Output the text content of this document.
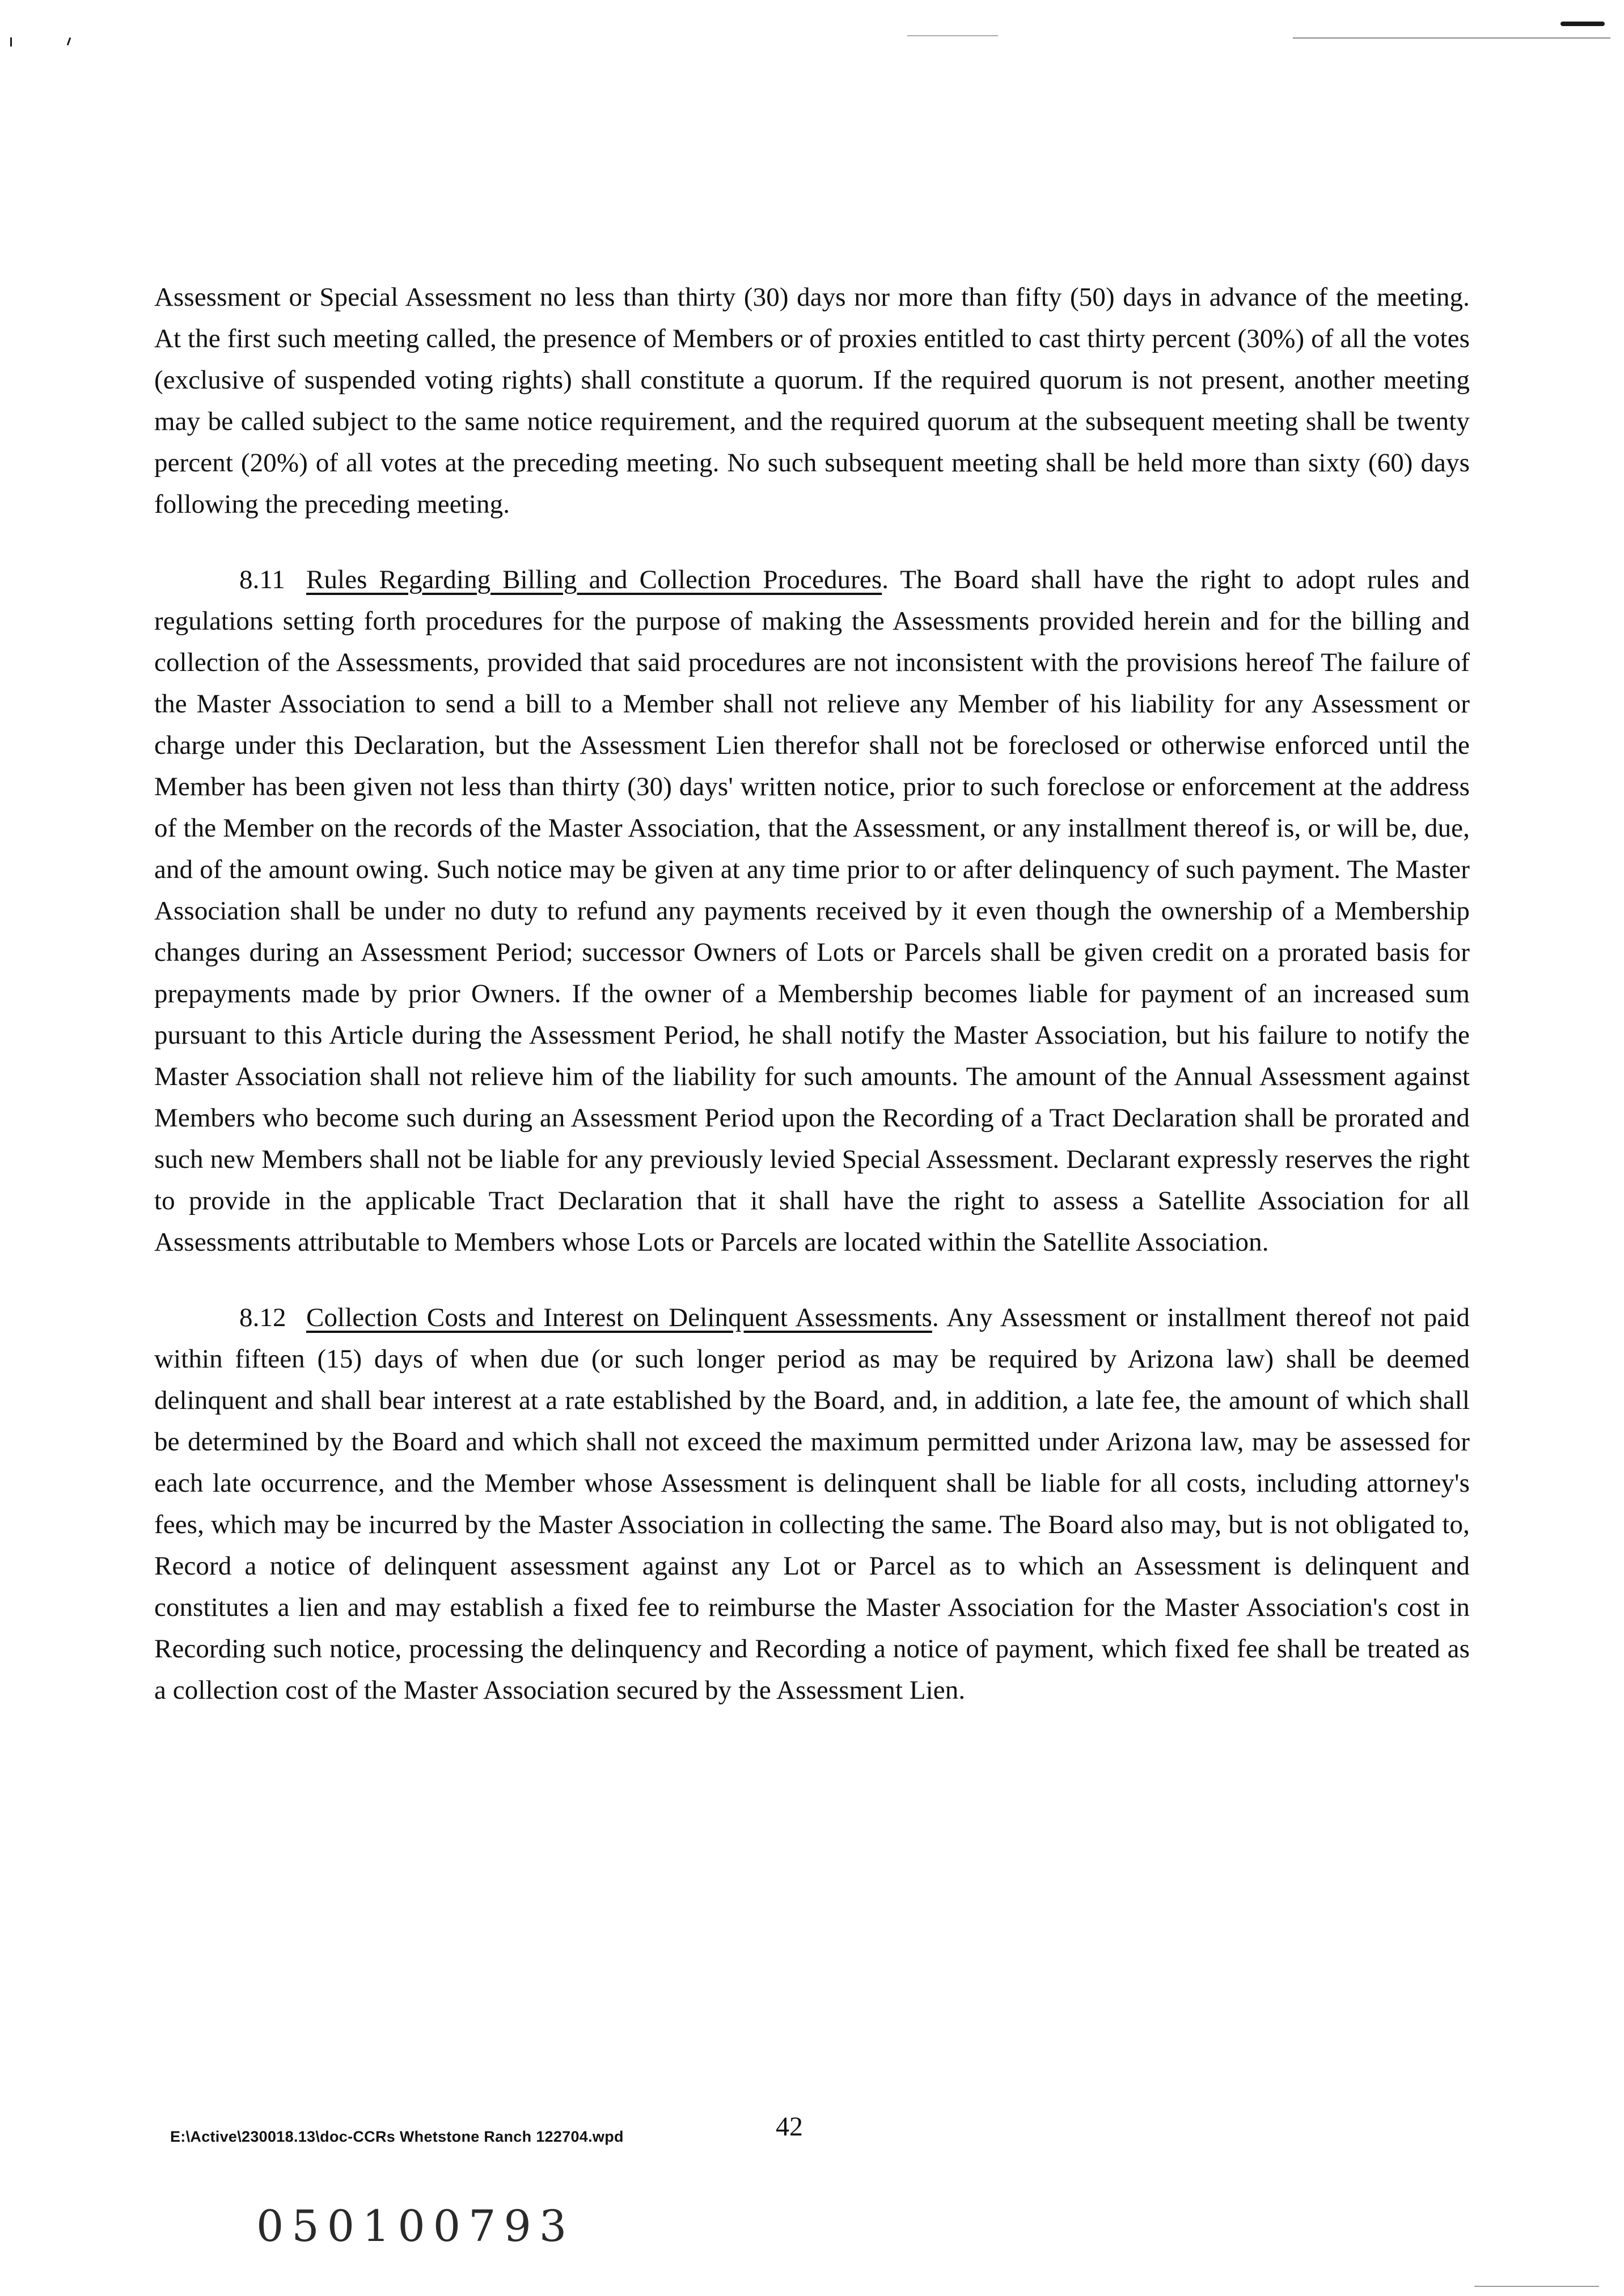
Assessment or Special Assessment no less than thirty (30) days nor more than fifty (50) days in advance of the meeting. At the first such meeting called, the presence of Members or of proxies entitled to cast thirty percent (30%) of all the votes (exclusive of suspended voting rights) shall constitute a quorum. If the required quorum is not present, another meeting may be called subject to the same notice requirement, and the required quorum at the subsequent meeting shall be twenty percent (20%) of all votes at the preceding meeting. No such subsequent meeting shall be held more than sixty (60) days following the preceding meeting.

8.11 Rules Regarding Billing and Collection Procedures. The Board shall have the right to adopt rules and regulations setting forth procedures for the purpose of making the Assessments provided herein and for the billing and collection of the Assessments, provided that said procedures are not inconsistent with the provisions hereof The failure of the Master Association to send a bill to a Member shall not relieve any Member of his liability for any Assessment or charge under this Declaration, but the Assessment Lien therefor shall not be foreclosed or otherwise enforced until the Member has been given not less than thirty (30) days' written notice, prior to such foreclose or enforcement at the address of the Member on the records of the Master Association, that the Assessment, or any installment thereof is, or will be, due, and of the amount owing. Such notice may be given at any time prior to or after delinquency of such payment. The Master Association shall be under no duty to refund any payments received by it even though the ownership of a Membership changes during an Assessment Period; successor Owners of Lots or Parcels shall be given credit on a prorated basis for prepayments made by prior Owners. If the owner of a Membership becomes liable for payment of an increased sum pursuant to this Article during the Assessment Period, he shall notify the Master Association, but his failure to notify the Master Association shall not relieve him of the liability for such amounts. The amount of the Annual Assessment against Members who become such during an Assessment Period upon the Recording of a Tract Declaration shall be prorated and such new Members shall not be liable for any previously levied Special Assessment. Declarant expressly reserves the right to provide in the applicable Tract Declaration that it shall have the right to assess a Satellite Association for all Assessments attributable to Members whose Lots or Parcels are located within the Satellite Association.

8.12 Collection Costs and Interest on Delinquent Assessments. Any Assessment or installment thereof not paid within fifteen (15) days of when due (or such longer period as may be required by Arizona law) shall be deemed delinquent and shall bear interest at a rate established by the Board, and, in addition, a late fee, the amount of which shall be determined by the Board and which shall not exceed the maximum permitted under Arizona law, may be assessed for each late occurrence, and the Member whose Assessment is delinquent shall be liable for all costs, including attorney's fees, which may be incurred by the Master Association in collecting the same. The Board also may, but is not obligated to, Record a notice of delinquent assessment against any Lot or Parcel as to which an Assessment is delinquent and constitutes a lien and may establish a fixed fee to reimburse the Master Association for the Master Association's cost in Recording such notice, processing the delinquency and Recording a notice of payment, which fixed fee shall be treated as a collection cost of the Master Association secured by the Assessment Lien.

E:\Active\230018.13\doc-CCRs Whetstone Ranch 122704.wpd	42
050100793
